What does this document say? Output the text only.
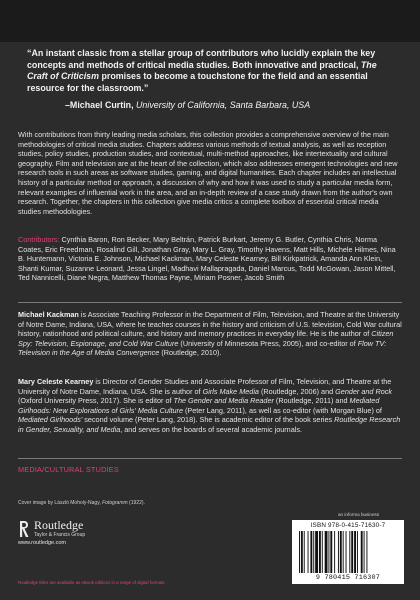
“An instant classic from a stellar group of contributors who lucidly explain the key concepts and methods of critical media studies. Both innovative and practical, The Craft of Criticism promises to become a touchstone for the field and an essential resource for the classroom.”
–Michael Curtin, University of California, Santa Barbara, USA
With contributions from thirty leading media scholars, this collection provides a comprehensive overview of the main methodologies of critical media studies. Chapters address various methods of textual analysis, as well as reception studies, policy studies, production studies, and contextual, multi-method approaches, like intertextuality and cultural geography. Film and television are at the heart of the collection, which also addresses emergent technologies and new research tools in such areas as software studies, gaming, and digital humanities. Each chapter includes an intellectual history of a particular method or approach, a discussion of why and how it was used to study a particular media form, relevant examples of influential work in the area, and an in-depth review of a case study drawn from the author's own research. Together, the chapters in this collection give media critics a complete toolbox of essential critical media studies methodologies.
Contributors: Cynthia Baron, Ron Becker, Mary Beltrán, Patrick Burkart, Jeremy G. Butler, Cynthia Chris, Norma Coates, Eric Freedman, Rosalind Gill, Jonathan Gray, Mary L. Gray, Timothy Havens, Matt Hills, Michele Hilmes, Nina B. Huntemann, Victoria E. Johnson, Michael Kackman, Mary Celeste Kearney, Bill Kirkpatrick, Amanda Ann Klein, Shanti Kumar, Suzanne Leonard, Jessa Lingel, Madhavi Mallapragada, Daniel Marcus, Todd McGowan, Jason Mittell, Ted Nannicelli, Diane Negra, Matthew Thomas Payne, Miriam Posner, Jacob Smith
Michael Kackman is Associate Teaching Professor in the Department of Film, Television, and Theatre at the University of Notre Dame, Indiana, USA, where he teaches courses in the history and criticism of U.S. television, Cold War cultural history, nationhood and political culture, and history and memory practices in everyday life. He is the author of Citizen Spy: Television, Espionage, and Cold War Culture (University of Minnesota Press, 2005), and co-editor of Flow TV: Television in the Age of Media Convergence (Routledge, 2010).
Mary Celeste Kearney is Director of Gender Studies and Associate Professor of Film, Television, and Theatre at the University of Notre Dame, Indiana, USA. She is author of Girls Make Media (Routledge, 2006) and Gender and Rock (Oxford University Press, 2017). She is editor of The Gender and Media Reader (Routledge, 2011) and Mediated Girlhoods: New Explorations of Girls' Media Culture (Peter Lang, 2011), as well as co-editor (with Morgan Blue) of Mediated Girlhoods' second volume (Peter Lang, 2018). She is academic editor of the book series Routledge Research in Gender, Sexuality, and Media, and serves on the boards of several academic journals.
MEDIA/CULTURAL STUDIES
Cover image by László Moholy-Nagy, Fotogramm (1922).
Routledge
Taylor & Francis Group
www.routledge.com
Routledge titles are available as eBook editions in a range of digital formats
an informa business
ISBN 978-0-415-71630-7
9 780415 716307
